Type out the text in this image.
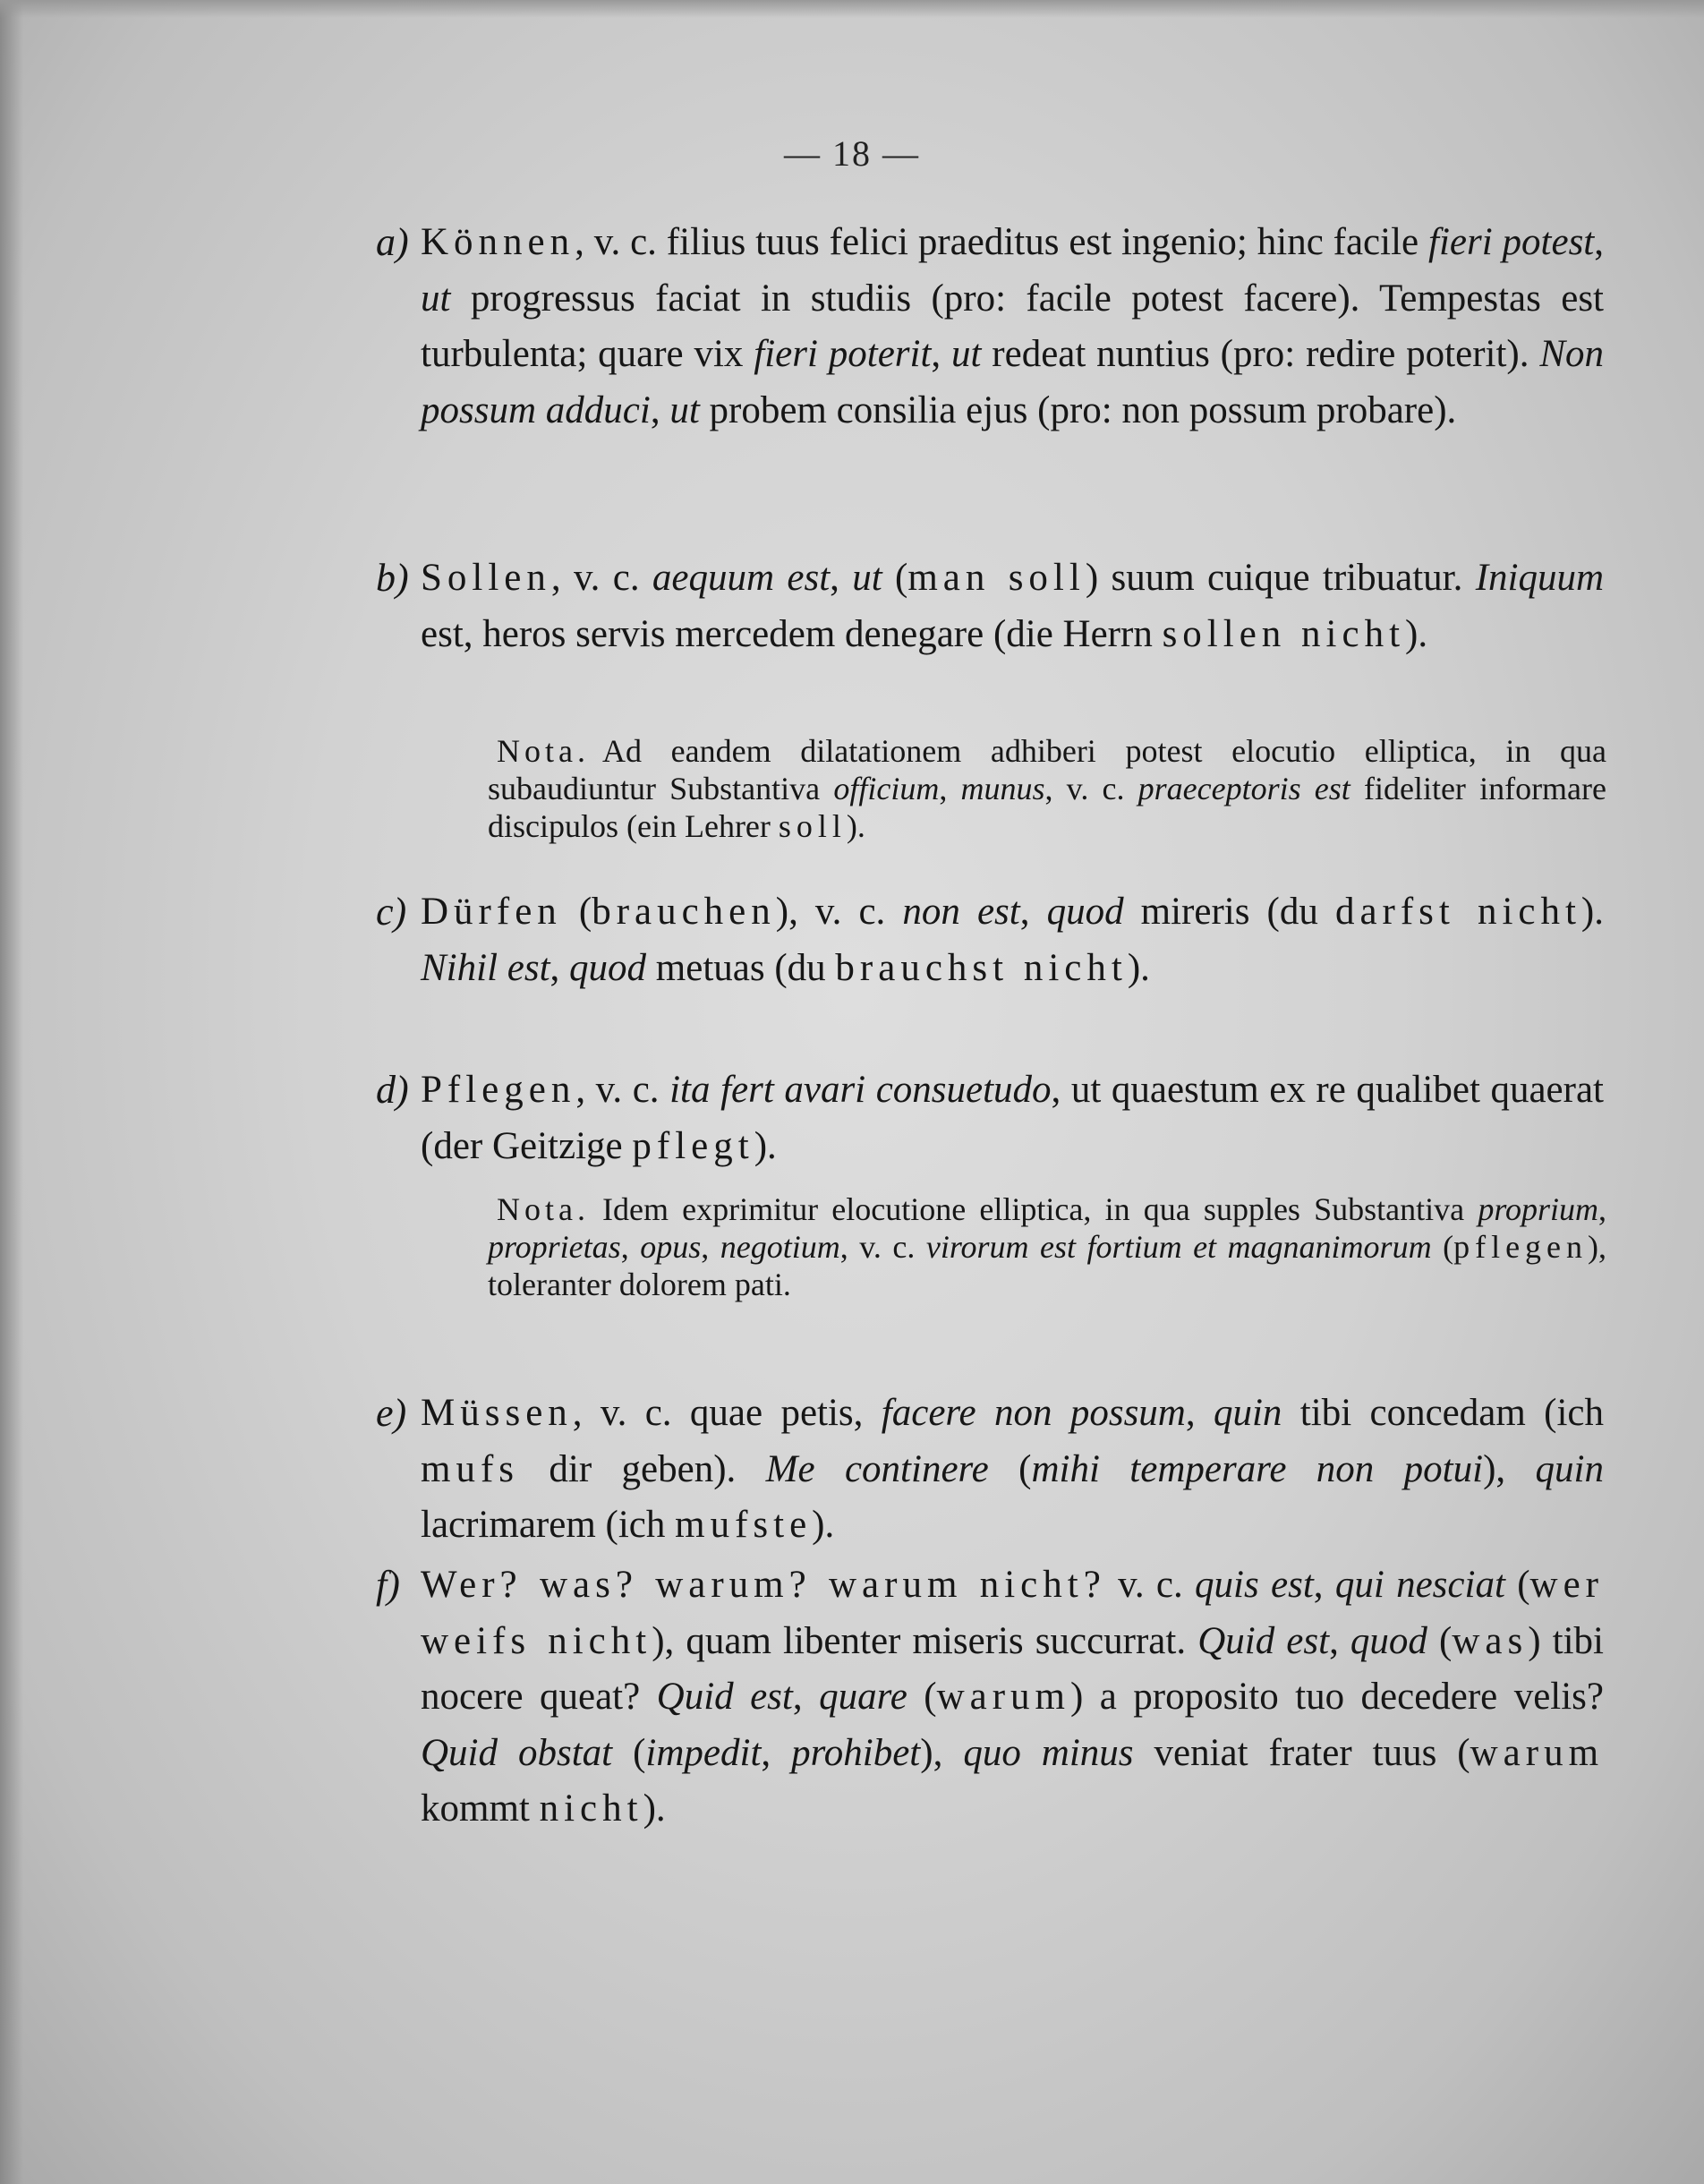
— 18 —
a) Können, v. c. filius tuus felici praeditus est ingenio; hinc facile fieri potest, ut progressus faciat in studiis (pro: facile potest facere). Tempestas est turbulenta; quare vix fieri poterit, ut redeat nuntius (pro: redire poterit). Non possum adduci, ut probem consilia ejus (pro: non possum probare).
b) Sollen, v. c. aequum est, ut (man soll) suum cuique tribuatur. Iniquum est, heros servis mercedem denegare (die Herrn sollen nicht).
Nota. Ad eandem dilatationem adhiberi potest elocutio elliptica, in qua subaudiuntur Substantiva officium, munus, v. c. praeceptoris est fideliter informare discipulos (ein Lehrer soll).
c) Dürfen (brauchen), v. c. non est, quod mireris (du darfst nicht). Nihil est, quod metuas (du brauchst nicht).
d) Pflegen, v. c. ita fert avari consuetudo, ut quaestum ex re qualibet quaerat (der Geitzige pflegt).
Nota. Idem exprimitur elocutione elliptica, in qua supples Substantiva proprium, proprietas, opus, negotium, v. c. virorum est fortium et magnanimorum (pflegen), toleranter dolorem pati.
e) Müssen, v. c. quae petis, facere non possum, quin tibi concedam (ich mufs dir geben). Me continere (mihi temperare non potui), quin lacrimarem (ich mufste).
f) Wer? was? warum? warum nicht? v. c. quis est, qui nesciat (wer weifs nicht), quam libenter miseris succurrat. Quid est, quod (was) tibi nocere queat? Quid est, quare (warum) a proposito tuo decedere velis? Quid obstat (impedit, prohibet), quo minus veniat frater tuus (warum kommt nicht).
